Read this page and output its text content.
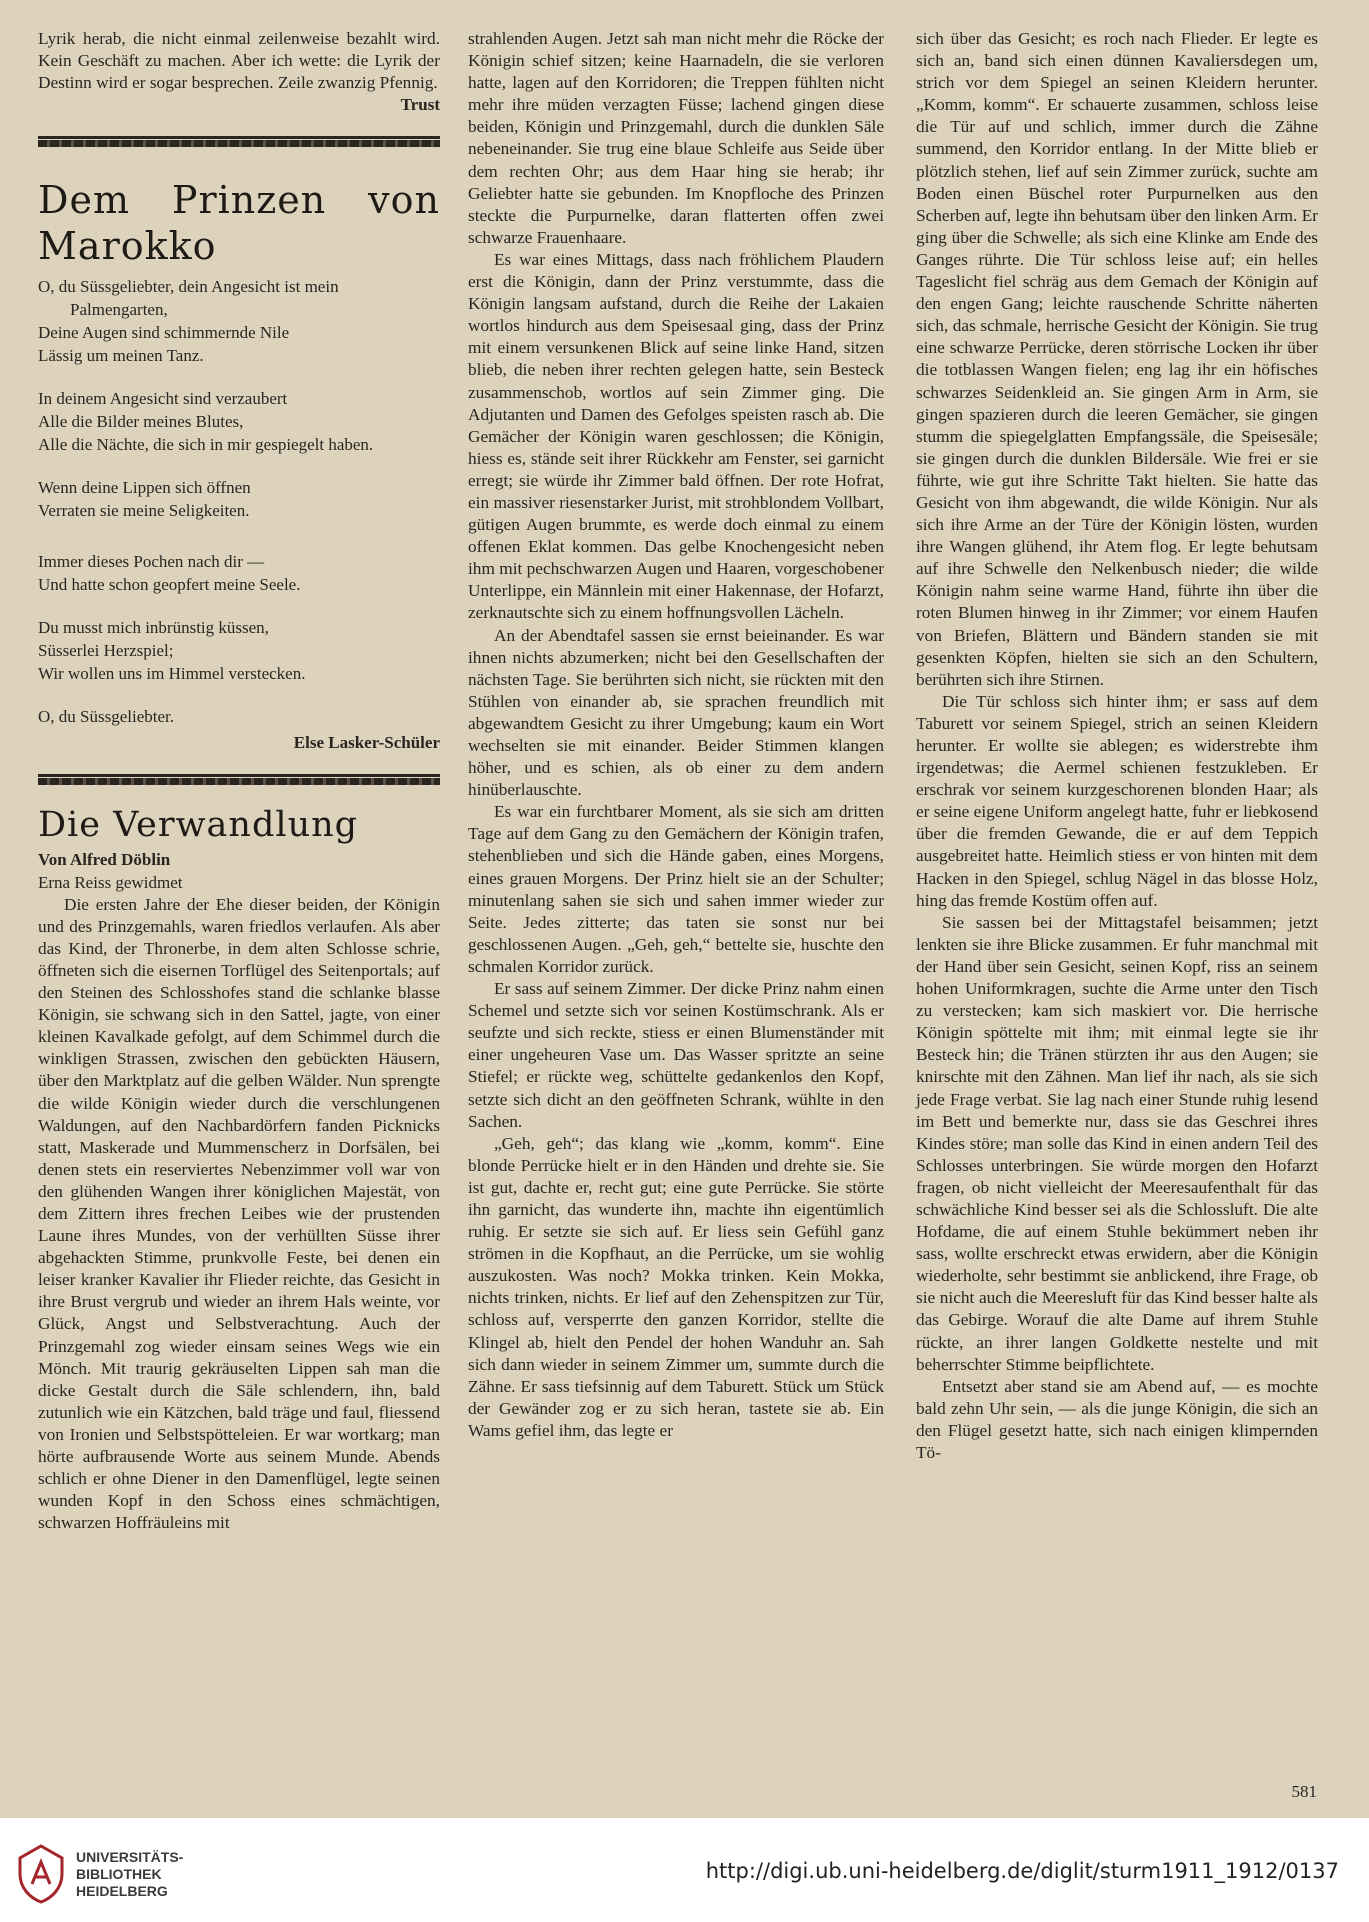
Lyrik herab, die nicht einmal zeilenweise bezahlt wird. Kein Geschäft zu machen. Aber ich wette: die Lyrik der Destinn wird er sogar besprechen. Zeile zwanzig Pfennig.

Trust

Dem Prinzen von Marokko
O, du Süssgeliebter, dein Angesicht ist mein
Palmengarten,
Deine Augen sind schimmernde Nile
Lässig um meinen Tanz.
In deinem Angesicht sind verzaubert
Alle die Bilder meines Blutes,
Alle die Nächte, die sich in mir gespiegelt haben.
Wenn deine Lippen sich öffnen
Verraten sie meine Seligkeiten.
Immer dieses Pochen nach dir —
Und hatte schon geopfert meine Seele.
Du musst mich inbrünstig küssen,
Süsserlei Herzspiel;
Wir wollen uns im Himmel verstecken.
O, du Süssgeliebter.

Else Lasker-Schüler

Die Verwandlung

Von Alfred Döblin

Erna Reiss gewidmet

Die ersten Jahre der Ehe dieser beiden, der Königin und des Prinzgemahls, waren friedlos verlaufen. Als aber das Kind, der Thronerbe, in dem alten Schlosse schrie, öffneten sich die eisernen Torflügel des Seitenportals; auf den Steinen des Schlosshofes stand die schlanke blasse Königin, sie schwang sich in den Sattel, jagte, von einer kleinen Kavalkade gefolgt, auf dem Schimmel durch die winkligen Strassen, zwischen den gebückten Häusern, über den Marktplatz auf die gelben Wälder. Nun sprengte die wilde Königin wieder durch die verschlungenen Waldungen, auf den Nachbardörfern fanden Picknicks statt, Maskerade und Mummenscherz in Dorfsälen, bei denen stets ein reserviertes Nebenzimmer voll war von den glühenden Wangen ihrer königlichen Majestät, von dem Zittern ihres frechen Leibes wie der prustenden Laune ihres Mundes, von der verhüllten Süsse ihrer abgehackten Stimme, prunkvolle Feste, bei denen ein leiser kranker Kavalier ihr Flieder reichte, das Gesicht in ihre Brust vergrub und wieder an ihrem Hals weinte, vor Glück, Angst und Selbstverachtung. Auch der Prinzgemahl zog wieder einsam seines Wegs wie ein Mönch. Mit traurig gekräuselten Lippen sah man die dicke Gestalt durch die Säle schlendern, ihn, bald zutunlich wie ein Kätzchen, bald träge und faul, fliessend von Ironien und Selbstspötteleien. Er war wortkarg; man hörte aufbrausende Worte aus seinem Munde. Abends schlich er ohne Diener in den Damenflügel, legte seinen wunden Kopf in den Schoss eines schmächtigen, schwarzen Hoffräuleins mit

strahlenden Augen. Jetzt sah man nicht mehr die Röcke der Königin schief sitzen; keine Haarnadeln, die sie verloren hatte, lagen auf den Korridoren; die Treppen fühlten nicht mehr ihre müden verzagten Füsse; lachend gingen diese beiden, Königin und Prinzgemahl, durch die dunklen Säle nebeneinander. Sie trug eine blaue Schleife aus Seide über dem rechten Ohr; aus dem Haar hing sie herab; ihr Geliebter hatte sie gebunden. Im Knopfloche des Prinzen steckte die Purpurnelke, daran flatterten offen zwei schwarze Frauenhaare.

Es war eines Mittags, dass nach fröhlichem Plaudern erst die Königin, dann der Prinz verstummte, dass die Königin langsam aufstand, durch die Reihe der Lakaien wortlos hindurch aus dem Speisesaal ging, dass der Prinz mit einem versunkenen Blick auf seine linke Hand, sitzen blieb, die neben ihrer rechten gelegen hatte, sein Besteck zusammenschob, wortlos auf sein Zimmer ging. Die Adjutanten und Damen des Gefolges speisten rasch ab. Die Gemächer der Königin waren geschlossen; die Königin, hiess es, stände seit ihrer Rückkehr am Fenster, sei garnicht erregt; sie würde ihr Zimmer bald öffnen. Der rote Hofrat, ein massiver riesenstarker Jurist, mit strohblondem Vollbart, gütigen Augen brummte, es werde doch einmal zu einem offenen Eklat kommen. Das gelbe Knochengesicht neben ihm mit pechschwarzen Augen und Haaren, vorgeschobener Unterlippe, ein Männlein mit einer Hakennase, der Hofarzt, zerknautschte sich zu einem hoffnungsvollen Lächeln.

An der Abendtafel sassen sie ernst beieinander. Es war ihnen nichts abzumerken; nicht bei den Gesellschaften der nächsten Tage. Sie berührten sich nicht, sie rückten mit den Stühlen von einander ab, sie sprachen freundlich mit abgewandtem Gesicht zu ihrer Umgebung; kaum ein Wort wechselten sie mit einander. Beider Stimmen klangen höher, und es schien, als ob einer zu dem andern hinüberlauschte.

Es war ein furchtbarer Moment, als sie sich am dritten Tage auf dem Gang zu den Gemächern der Königin trafen, stehenblieben und sich die Hände gaben, eines Morgens, eines grauen Morgens. Der Prinz hielt sie an der Schulter; minutenlang sahen sie sich und sahen immer wieder zur Seite. Jedes zitterte; das taten sie sonst nur bei geschlossenen Augen. „Geh, geh,“ bettelte sie, huschte den schmalen Korridor zurück.

Er sass auf seinem Zimmer. Der dicke Prinz nahm einen Schemel und setzte sich vor seinen Kostümschrank. Als er seufzte und sich reckte, stiess er einen Blumenständer mit einer ungeheuren Vase um. Das Wasser spritzte an seine Stiefel; er rückte weg, schüttelte gedankenlos den Kopf, setzte sich dicht an den geöffneten Schrank, wühlte in den Sachen.

„Geh, geh“; das klang wie „komm, komm“. Eine blonde Perrücke hielt er in den Händen und drehte sie. Sie ist gut, dachte er, recht gut; eine gute Perrücke. Sie störte ihn garnicht, das wunderte ihn, machte ihn eigentümlich ruhig. Er setzte sie sich auf. Er liess sein Gefühl ganz strömen in die Kopfhaut, an die Perrücke, um sie wohlig auszukosten. Was noch? Mokka trinken. Kein Mokka, nichts trinken, nichts. Er lief auf den Zehenspitzen zur Tür, schloss auf, versperrte den ganzen Korridor, stellte die Klingel ab, hielt den Pendel der hohen Wanduhr an. Sah sich dann wieder in seinem Zimmer um, summte durch die Zähne. Er sass tiefsinnig auf dem Taburett. Stück um Stück der Gewänder zog er zu sich heran, tastete sie ab. Ein Wams gefiel ihm, das legte er

sich über das Gesicht; es roch nach Flieder. Er legte es sich an, band sich einen dünnen Kavaliersdegen um, strich vor dem Spiegel an seinen Kleidern herunter. „Komm, komm“. Er schauerte zusammen, schloss leise die Tür auf und schlich, immer durch die Zähne summend, den Korridor entlang. In der Mitte blieb er plötzlich stehen, lief auf sein Zimmer zurück, suchte am Boden einen Büschel roter Purpurnelken aus den Scherben auf, legte ihn behutsam über den linken Arm. Er ging über die Schwelle; als sich eine Klinke am Ende des Ganges rührte. Die Tür schloss leise auf; ein helles Tageslicht fiel schräg aus dem Gemach der Königin auf den engen Gang; leichte rauschende Schritte näherten sich, das schmale, herrische Gesicht der Königin. Sie trug eine schwarze Perrücke, deren störrische Locken ihr über die totblassen Wangen fielen; eng lag ihr ein höfisches schwarzes Seidenkleid an. Sie gingen Arm in Arm, sie gingen spazieren durch die leeren Gemächer, sie gingen stumm die spiegelglatten Empfangssäle, die Speisesäle; sie gingen durch die dunklen Bildersäle. Wie frei er sie führte, wie gut ihre Schritte Takt hielten. Sie hatte das Gesicht von ihm abgewandt, die wilde Königin. Nur als sich ihre Arme an der Türe der Königin lösten, wurden ihre Wangen glühend, ihr Atem flog. Er legte behutsam auf ihre Schwelle den Nelkenbusch nieder; die wilde Königin nahm seine warme Hand, führte ihn über die roten Blumen hinweg in ihr Zimmer; vor einem Haufen von Briefen, Blättern und Bändern standen sie mit gesenkten Köpfen, hielten sie sich an den Schultern, berührten sich ihre Stirnen.

Die Tür schloss sich hinter ihm; er sass auf dem Taburett vor seinem Spiegel, strich an seinen Kleidern herunter. Er wollte sie ablegen; es widerstrebte ihm irgendetwas; die Aermel schienen festzukleben. Er erschrak vor seinem kurzgeschorenen blonden Haar; als er seine eigene Uniform angelegt hatte, fuhr er liebkosend über die fremden Gewande, die er auf dem Teppich ausgebreitet hatte. Heimlich stiess er von hinten mit dem Hacken in den Spiegel, schlug Nägel in das blosse Holz, hing das fremde Kostüm offen auf.

Sie sassen bei der Mittagstafel beisammen; jetzt lenkten sie ihre Blicke zusammen. Er fuhr manchmal mit der Hand über sein Gesicht, seinen Kopf, riss an seinem hohen Uniformkragen, suchte die Arme unter den Tisch zu verstecken; kam sich maskiert vor. Die herrische Königin spöttelte mit ihm; mit einmal legte sie ihr Besteck hin; die Tränen stürzten ihr aus den Augen; sie knirschte mit den Zähnen. Man lief ihr nach, als sie sich jede Frage verbat. Sie lag nach einer Stunde ruhig lesend im Bett und bemerkte nur, dass sie das Geschrei ihres Kindes störe; man solle das Kind in einen andern Teil des Schlosses unterbringen. Sie würde morgen den Hofarzt fragen, ob nicht vielleicht der Meeresaufenthalt für das schwächliche Kind besser sei als die Schlossluft. Die alte Hofdame, die auf einem Stuhle bekümmert neben ihr sass, wollte erschreckt etwas erwidern, aber die Königin wiederholte, sehr bestimmt sie anblickend, ihre Frage, ob sie nicht auch die Meeresluft für das Kind besser halte als das Gebirge. Worauf die alte Dame auf ihrem Stuhle rückte, an ihrer langen Goldkette nestelte und mit beherrschter Stimme beipflichtete.

Entsetzt aber stand sie am Abend auf, — es mochte bald zehn Uhr sein, — als die junge Königin, die sich an den Flügel gesetzt hatte, sich nach einigen klimpernden Tö-

581
UNIVERSITÄTS-
BIBLIOTHEK
HEIDELBERG
http://digi.ub.uni-heidelberg.de/diglit/sturm1911_1912/0137
